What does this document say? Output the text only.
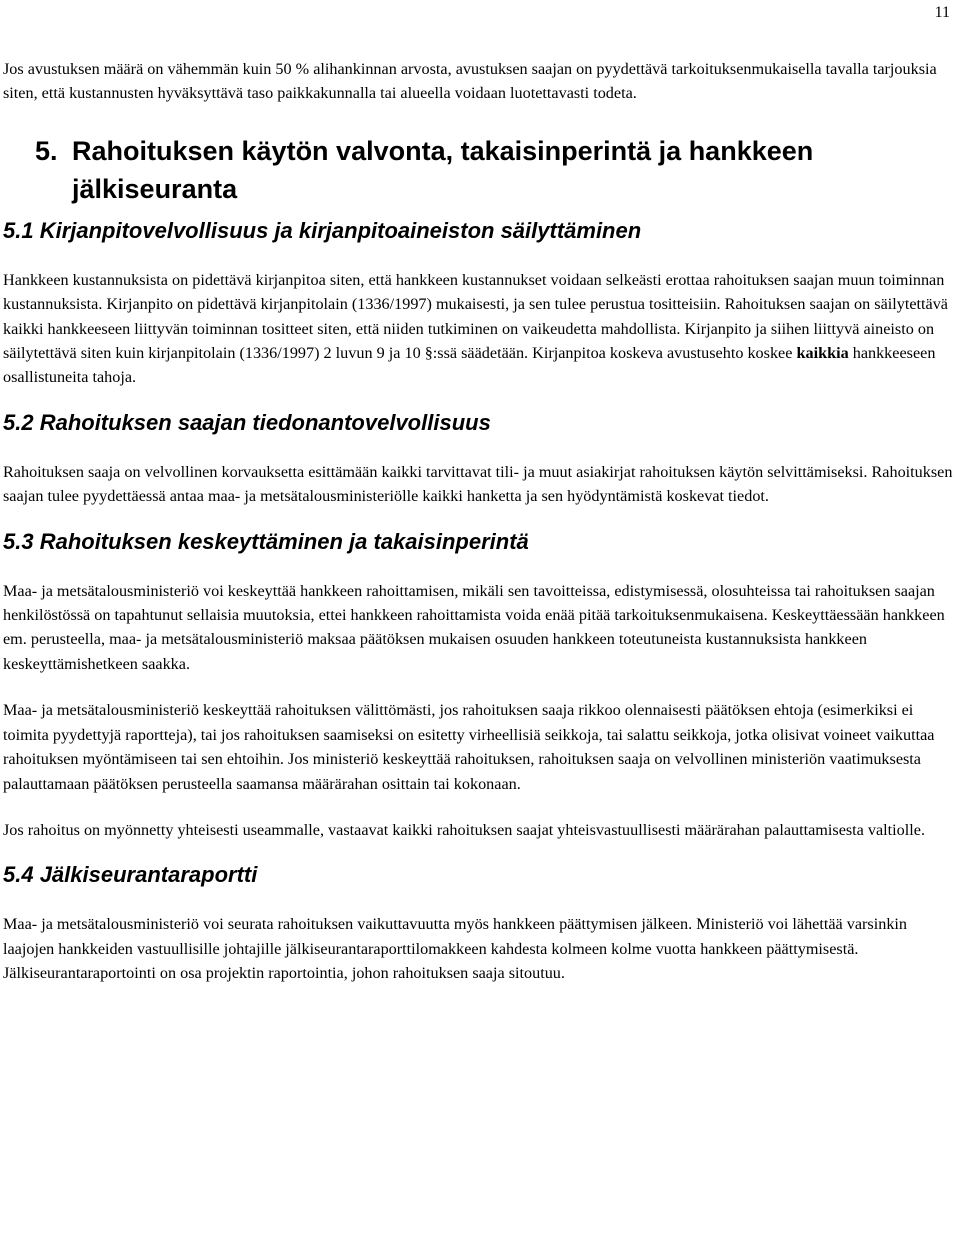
11

Jos avustuksen määrä on vähemmän kuin 50 % alihankinnan arvosta, avustuksen saajan on pyydettävä tarkoituksenmukaisella tavalla tarjouksia siten, että kustannusten hyväksyttävä taso paikkakunnalla tai alueella voidaan luotettavasti todeta.

5. Rahoituksen käytön valvonta, takaisinperintä ja hankkeen jälkiseuranta
5.1 Kirjanpitovelvollisuus ja kirjanpitoaineiston säilyttäminen

Hankkeen kustannuksista on pidettävä kirjanpitoa siten, että hankkeen kustannukset voidaan selkeästi erottaa rahoituksen saajan muun toiminnan kustannuksista. Kirjanpito on pidettävä kirjanpitolain (1336/1997) mukaisesti, ja sen tulee perustua tositteisiin. Rahoituksen saajan on säilytettävä kaikki hankkeeseen liittyvän toiminnan tositteet siten, että niiden tutkiminen on vaikeudetta mahdollista. Kirjanpito ja siihen liittyvä aineisto on säilytettävä siten kuin kirjanpitolain (1336/1997) 2 luvun 9 ja 10 §:ssä säädetään. Kirjanpitoa koskeva avustusehto koskee kaikkia hankkeeseen osallistuneita tahoja.

5.2 Rahoituksen saajan tiedonantovelvollisuus

Rahoituksen saaja on velvollinen korvauksetta esittämään kaikki tarvittavat tili- ja muut asiakirjat rahoituksen käytön selvittämiseksi. Rahoituksen saajan tulee pyydettäessä antaa maa- ja metsätalousministeriölle kaikki hanketta ja sen hyödyntämistä koskevat tiedot.

5.3 Rahoituksen keskeyttäminen ja takaisinperintä

Maa- ja metsätalousministeriö voi keskeyttää hankkeen rahoittamisen, mikäli sen tavoitteissa, edistymisessä, olosuhteissa tai rahoituksen saajan henkilöstössä on tapahtunut sellaisia muutoksia, ettei hankkeen rahoittamista voida enää pitää tarkoituksenmukaisena. Keskeyttäessään hankkeen em. perusteella, maa- ja metsätalousministeriö maksaa päätöksen mukaisen osuuden hankkeen toteutuneista kustannuksista hankkeen keskeyttämishetkeen saakka.

Maa- ja metsätalousministeriö keskeyttää rahoituksen välittömästi, jos rahoituksen saaja rikkoo olennaisesti päätöksen ehtoja (esimerkiksi ei toimita pyydettyjä raportteja), tai jos rahoituksen saamiseksi on esitetty virheellisiä seikkoja, tai salattu seikkoja, jotka olisivat voineet vaikuttaa rahoituksen myöntämiseen tai sen ehtoihin. Jos ministeriö keskeyttää rahoituksen, rahoituksen saaja on velvollinen ministeriön vaatimuksesta palauttamaan päätöksen perusteella saamansa määrärahan osittain tai kokonaan.

Jos rahoitus on myönnetty yhteisesti useammalle, vastaavat kaikki rahoituksen saajat yhteisvastuullisesti määrärahan palauttamisesta valtiolle.

5.4 Jälkiseurantaraportti

Maa- ja metsätalousministeriö voi seurata rahoituksen vaikuttavuutta myös hankkeen päättymisen jälkeen. Ministeriö voi lähettää varsinkin laajojen hankkeiden vastuullisille johtajille jälkiseurantaraporttilomakkeen kahdesta kolmeen kolme vuotta hankkeen päättymisestä. Jälkiseurantaraportointi on osa projektin raportointia, johon rahoituksen saaja sitoutuu.
